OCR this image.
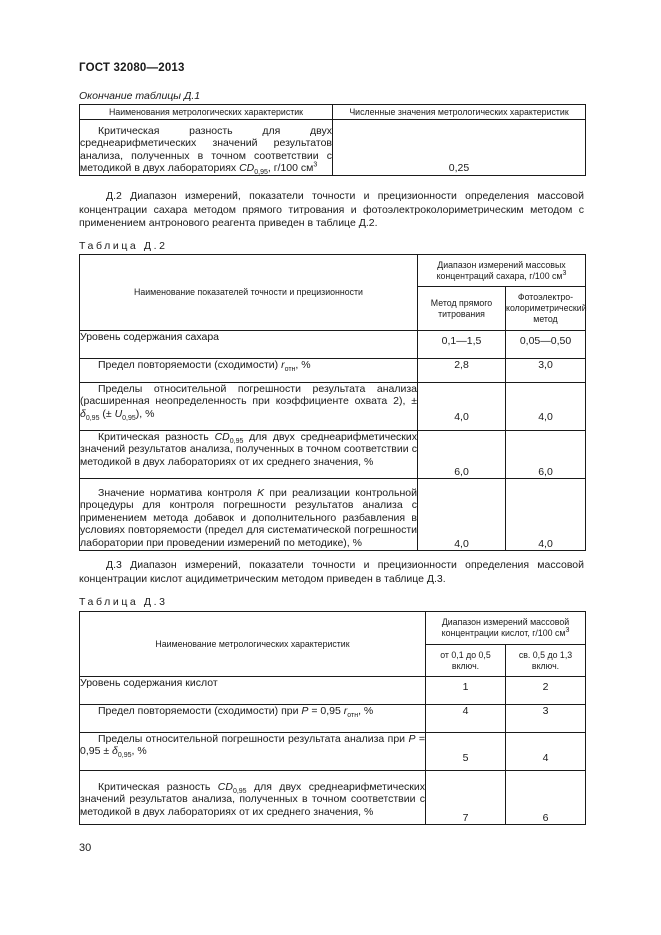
ГОСТ 32080—2013
Окончание таблицы Д.1
Наименования метрологических характеристик	Численные значения метрологических характеристик

Критическая разность для двух среднеарифметических значений результатов анализа, полученных в точном соответствии с методикой в двух лабораториях $CD_{0,95}$, г/100 $см^3$	0,25

Д.2 Диапазон измерений, показатели точности и прецизионности определения массовой концентрации сахара методом прямого титрования и фотоэлектроколориметрическим методом с применением антронового реагента приведен в таблице Д.2.

Таблица Д.2
Наименование показателей точности и прецизионности	Диапазон измерений массовых концентраций сахара, г/100 $см^3$
	Метод прямого титрования	Фотоэлектро-колориметрический метод
Уровень содержания сахара	0,1—1,5	0,05—0,50

Предел повторяемости (сходимости) $r_{отн}$, %	2,8	3,0

Пределы относительной погрешности результата анализа (расширенная неопределенность при коэффициенте охвата 2), ± $\delta_{0,95}$ (± $U_{0,95}$), %	4,0	4,0

Критическая разность $CD_{0,95}$ для двух среднеарифметических значений результатов анализа, полученных в точном соответствии с методикой в двух лабораториях от их среднего значения, %	6,0	6,0

Значение норматива контроля K при реализации контрольной процедуры для контроля погрешности результатов анализа с применением метода добавок и дополнительного разбавления в условиях повторяемости (предел для систематической погрешности лаборатории при проведении измерений по методике), %	4,0	4,0

Д.3 Диапазон измерений, показатели точности и прецизионности определения массовой концентрации кислот ацидиметрическим методом приведен в таблице Д.3.

Таблица Д.3
Наименование метрологических характеристик	Диапазон измерений массовой концентрации кислот, г/100 $см^3$
	от 0,1 до 0,5 включ.	св. 0,5 до 1,3 включ.
Уровень содержания кислот	1	2

Предел повторяемости (сходимости) при P = 0,95 $r_{отн}$, %	4	3

Пределы относительной погрешности результата анализа при $P = 0,95 \pm \delta_{0,95}$, %	5	4

Критическая разность $CD_{0,95}$ для двух среднеарифметических значений результатов анализа, полученных в точном соответствии с методикой в двух лабораториях от их среднего значения, %	7	6
30
